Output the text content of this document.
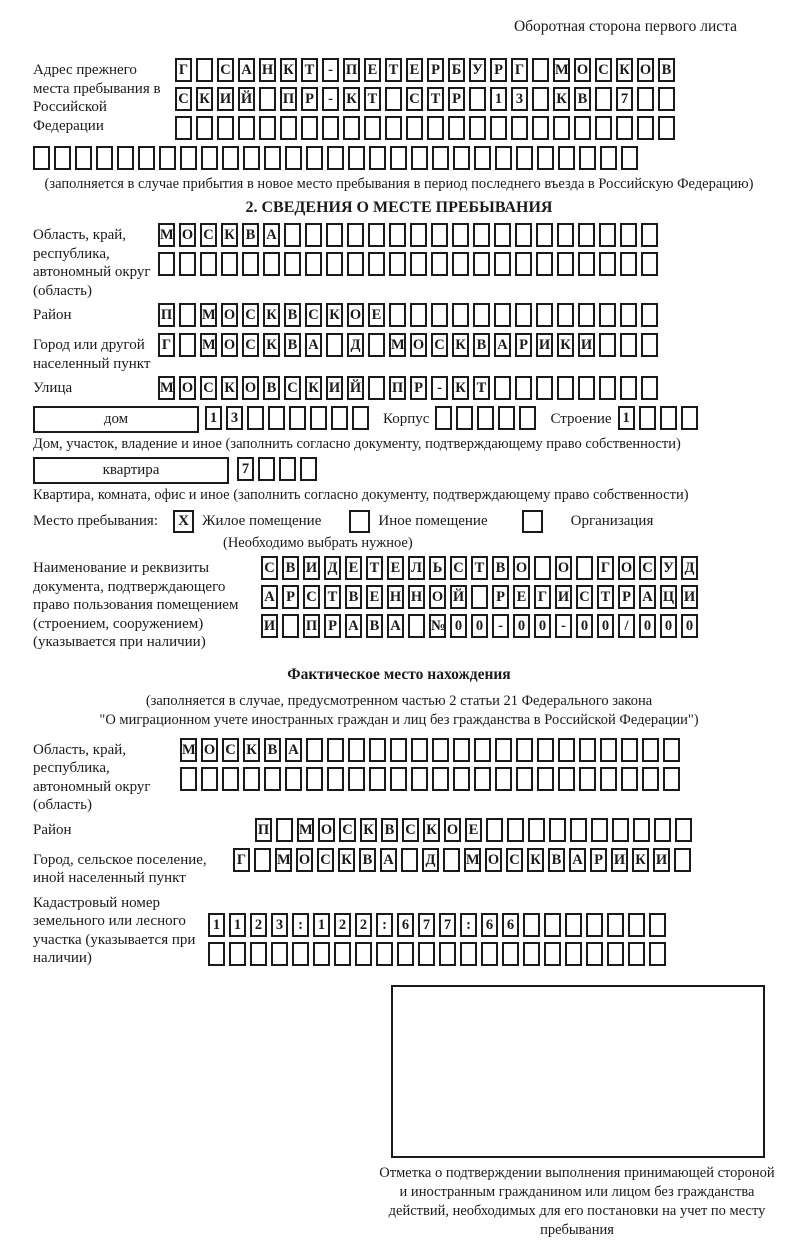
Оборотная сторона первого листа
Адрес прежнего места пребывания в Российской Федерации
Г С А Н К Т - П Е Т Е Р Б У Р Г М О С К О В
С К И Й П Р - К Т С Т Р 1 3 К В 7
(заполняется в случае прибытия в новое место пребывания в период последнего въезда в Российскую Федерацию)
2. СВЕДЕНИЯ О МЕСТЕ ПРЕБЫВАНИЯ
Область, край, республика, автономный округ (область)
М О С К В А
Район	П М О С К В С К О Е
Город или другой населенный пункт
Г М О С К В А Д М О С К В А Р И К И
Улица	М О С К О В С К И Й П Р - К Т
дом	1 3	Корпус	Строение 1
Дом, участок, владение и иное (заполнить согласно документу, подтверждающему право собственности)
квартира	7
Квартира, комната, офис и иное (заполнить согласно документу, подтверждающему право собственности)
Место пребывания:	X Жилое помещение	Иное помещение	Организация
(Необходимо выбрать нужное)
Наименование и реквизиты документа, подтверждающего право пользования помещением (строением, сооружением) (указывается при наличии)
С В И Д Е Т Е Л Ь С Т В О О Г О С У Д
А Р С Т В Е Н Н О Й Р Е Г И С Т Р А Ц И
И П Р А В А № 0 0 - 0 0 - 0 0 / 0 0 0
Фактическое место нахождения
(заполняется в случае, предусмотренном частью 2 статьи 21 Федерального закона
"О миграционном учете иностранных граждан и лиц без гражданства в Российской Федерации")
Область, край, республика, автономный округ (область)
М О С К В А
Район	П М О С К В С К О Е
Город, сельское поселение, иной населенный пункт
Г М О С К В А Д М О С К В А Р И К И
Кадастровый номер земельного или лесного участка (указывается при наличии)
1 1 2 3 : 1 2 2 : 6 7 7 : 6 6
Отметка о подтверждении выполнения принимающей стороной и иностранным гражданином или лицом без гражданства действий, необходимых для его постановки на учет по месту пребывания
